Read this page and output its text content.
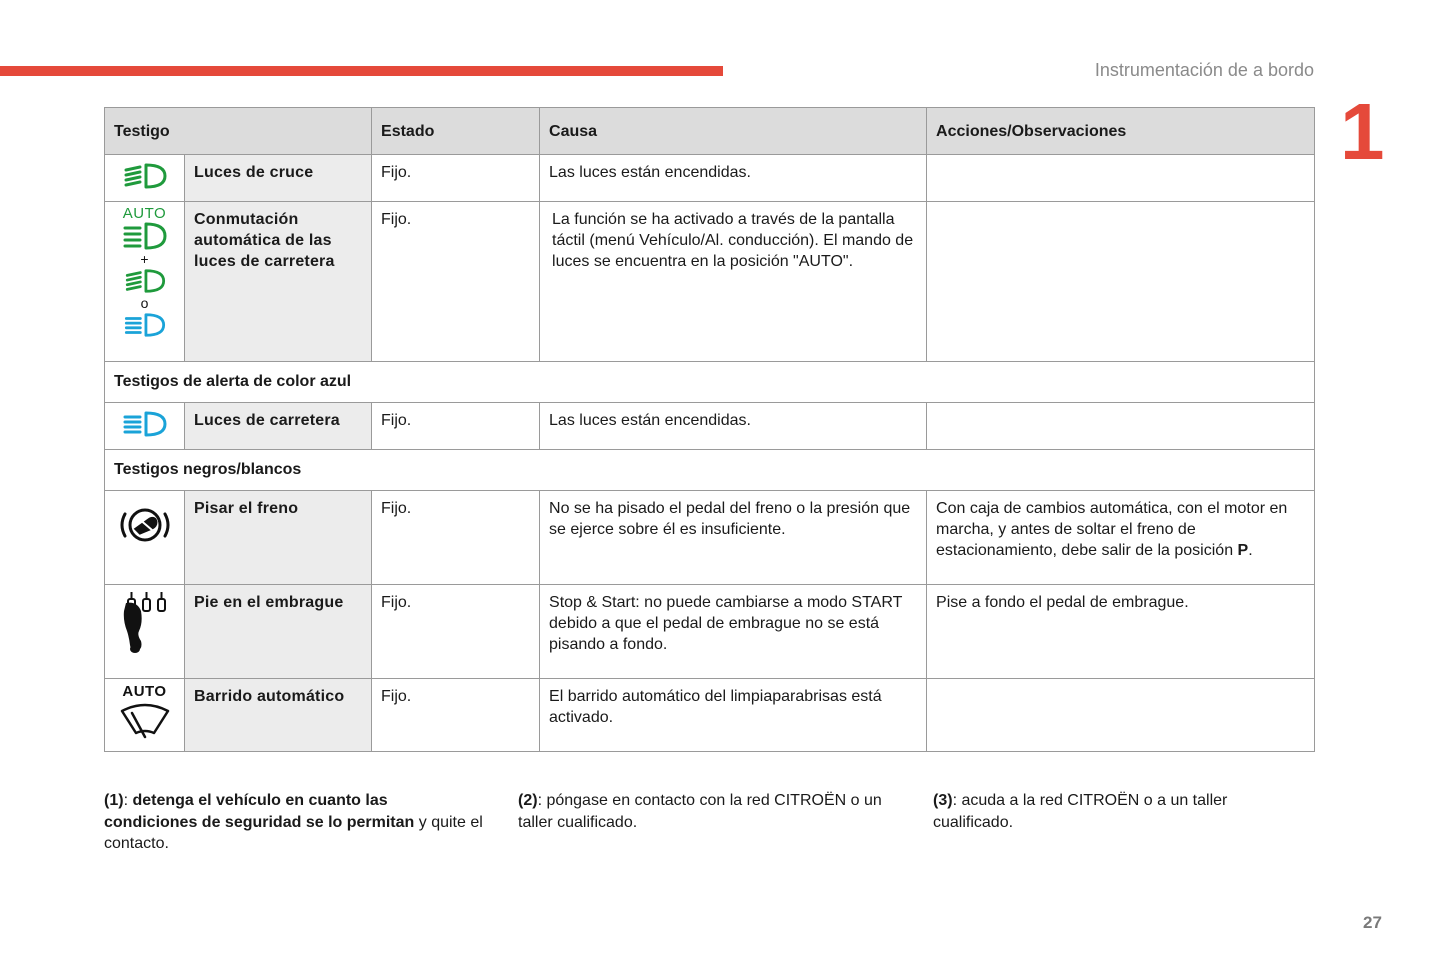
Instrumentación de a bordo
1
Testigo		Estado	Causa	Acciones/Observaciones

	Luces de cruce	Fijo.	Las luces están encendidas.	

AUTO
+
o	Conmutación automática de las luces de carretera	Fijo.	La función se ha activado a través de la pantalla táctil (menú Vehículo/Al. conducción). El mando de luces se encuentra en la posición "AUTO".	
Testigos de alerta de color azul				

	Luces de carretera	Fijo.	Las luces están encendidas.	
Testigos negros/blancos				

	Pisar el freno	Fijo.	No se ha pisado el pedal del freno o la presión que se ejerce sobre él es insuficiente.	Con caja de cambios automática, con el motor en marcha, y antes de soltar el freno de estacionamiento, debe salir de la posición P.

	Pie en el embrague	Fijo.	Stop & Start: no puede cambiarse a modo START debido a que el pedal de embrague no se está pisando a fondo.	Pise a fondo el pedal de embrague.

AUTO	Barrido automático	Fijo.	El barrido automático del limpiaparabrisas está activado.	
(1): detenga el vehículo en cuanto las condiciones de seguridad se lo permitan y quite el contacto.
(2): póngase en contacto con la red CITROËN o un taller cualificado.
(3): acuda a la red CITROËN o a un taller cualificado.
27
